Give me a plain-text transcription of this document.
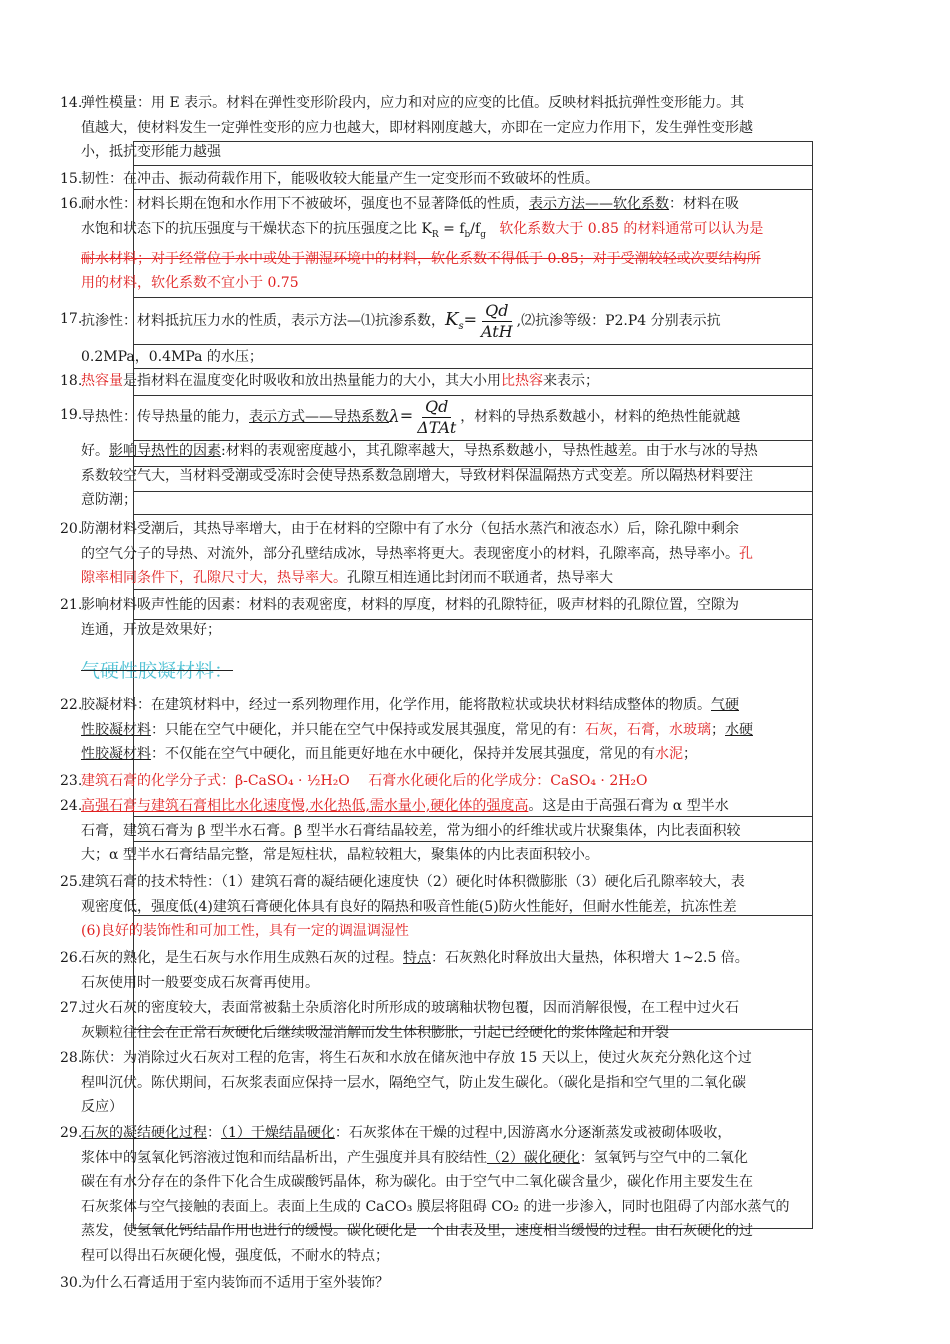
14.
弹性模量：用 E 表示。材料在弹性变形阶段内，应力和对应的应变的比值。反映材料抵抗弹性变形能力。其
值越大，使材料发生一定弹性变形的应力也越大，即材料刚度越大，亦即在一定应力作用下，发生弹性变形越
小，抵抗变形能力越强
15.
韧性：在冲击、振动荷载作用下，能吸收较大能量产生一定变形而不致破坏的性质。
16.
耐水性：材料长期在饱和水作用下不被破坏，强度也不显著降低的性质，表示方法——软化系数：材料在吸
水饱和状态下的抗压强度与干燥状态下的抗压强度之比 $K_R = f_b/f_g$ 软化系数大于 0.85 的材料通常可以认为是
耐水材料；对于经常位于水中或处于潮湿环境中的材料，软化系数不得低于 0.85；对于受潮较轻或次要结构所
用的材料，软化系数不宜小于 0.75
17.
抗渗性：材料抵抗压力水的性质，表示方法—⑴抗渗系数，$K_s= \frac{Qd}{\text{AtH}}$ ,⑵抗渗等级：P2.P4 分别表示抗
0.2MPa，0.4MPa 的水压；
18.
热容量是指材料在温度变化时吸收和放出热量能力的大小，其大小用比热容来表示；
19.
导热性：传导热量的能力，表示方式——导热系数$\lambda= \frac{Qd}{\text{ΔTAt}}$ ，材料的导热系数越小，材料的绝热性能就越
好。影响导热性的因素:材料的表观密度越小，其孔隙率越大，导热系数越小，导热性越差。由于水与冰的导热
系数较空气大，当材料受潮或受冻时会使导热系数急剧增大，导致材料保温隔热方式变差。所以隔热材料要注
意防潮；
20.
防潮材料受潮后，其热导率增大，由于在材料的空隙中有了水分（包括水蒸汽和液态水）后，除孔隙中剩余
的空气分子的导热、对流外，部分孔壁结成冰，导热率将更大。表现密度小的材料，孔隙率高，热导率小。孔
隙率相同条件下，孔隙尺寸大，热导率大。孔隙互相连通比封闭而不联通者，热导率大
21.
影响材料吸声性能的因素：材料的表观密度，材料的厚度，材料的孔隙特征，吸声材料的孔隙位置，空隙为
连通，开放是效果好；
气硬性胶凝材料：
22.
胶凝材料：在建筑材料中，经过一系列物理作用，化学作用，能将散粒状或块状材料结成整体的物质。气硬
性胶凝材料：只能在空气中硬化，并只能在空气中保持或发展其强度，常见的有：石灰，石膏，水玻璃；水硬
性胶凝材料：不仅能在空气中硬化，而且能更好地在水中硬化，保持并发展其强度，常见的有水泥；
23.
建筑石膏的化学分子式：β-CaSO₄ · ½H₂O　 石膏水化硬化后的化学成分：CaSO₄ · 2H₂O
24.
高强石膏与建筑石膏相比水化速度慢,水化热低,需水量小,硬化体的强度高。这是由于高强石膏为 α 型半水
石膏，建筑石膏为 β 型半水石膏。β 型半水石膏结晶较差，常为细小的纤维状或片状聚集体，内比表面积较
大；α 型半水石膏结晶完整，常是短柱状，晶粒较粗大，聚集体的内比表面积较小。
25.
建筑石膏的技术特性：（1）建筑石膏的凝结硬化速度快（2）硬化时体积微膨胀（3）硬化后孔隙率较大，表
观密度低，强度低(4)建筑石膏硬化体具有良好的隔热和吸音性能(5)防火性能好，但耐水性能差，抗冻性差
(6)良好的装饰性和可加工性，具有一定的调温调湿性
26.
石灰的熟化，是生石灰与水作用生成熟石灰的过程。特点：石灰熟化时释放出大量热，体积增大 1~2.5 倍。
石灰使用时一般要变成石灰膏再使用。
27.
过火石灰的密度较大，表面常被黏土杂质溶化时所形成的玻璃釉状物包覆，因而消解很慢，在工程中过火石
灰颗粒往往会在正常石灰硬化后继续吸湿消解而发生体积膨胀，引起已经硬化的浆体隆起和开裂
28.
陈伏：为消除过火石灰对工程的危害，将生石灰和水放在储灰池中存放 15 天以上，使过火灰充分熟化这个过
程叫沉伏。陈伏期间，石灰浆表面应保持一层水，隔绝空气，防止发生碳化。（碳化是指和空气里的二氧化碳
反应）
29.
石灰的凝结硬化过程：（1）干燥结晶硬化：石灰浆体在干燥的过程中,因游离水分逐渐蒸发或被砌体吸收，
浆体中的氢氧化钙溶液过饱和而结晶析出，产生强度并具有胶结性（2）碳化硬化：氢氧钙与空气中的二氧化
碳在有水分存在的条件下化合生成碳酸钙晶体，称为碳化。由于空气中二氧化碳含量少，碳化作用主要发生在
石灰浆体与空气接触的表面上。表面上生成的 CaCO₃ 膜层将阻碍 CO₂ 的进一步渗入，同时也阻碍了内部水蒸气的
蒸发，使氢氧化钙结晶作用也进行的缓慢。碳化硬化是一个由表及里，速度相当缓慢的过程。由石灰硬化的过
程可以得出石灰硬化慢，强度低，不耐水的特点；
30.
为什么石膏适用于室内装饰而不适用于室外装饰？
